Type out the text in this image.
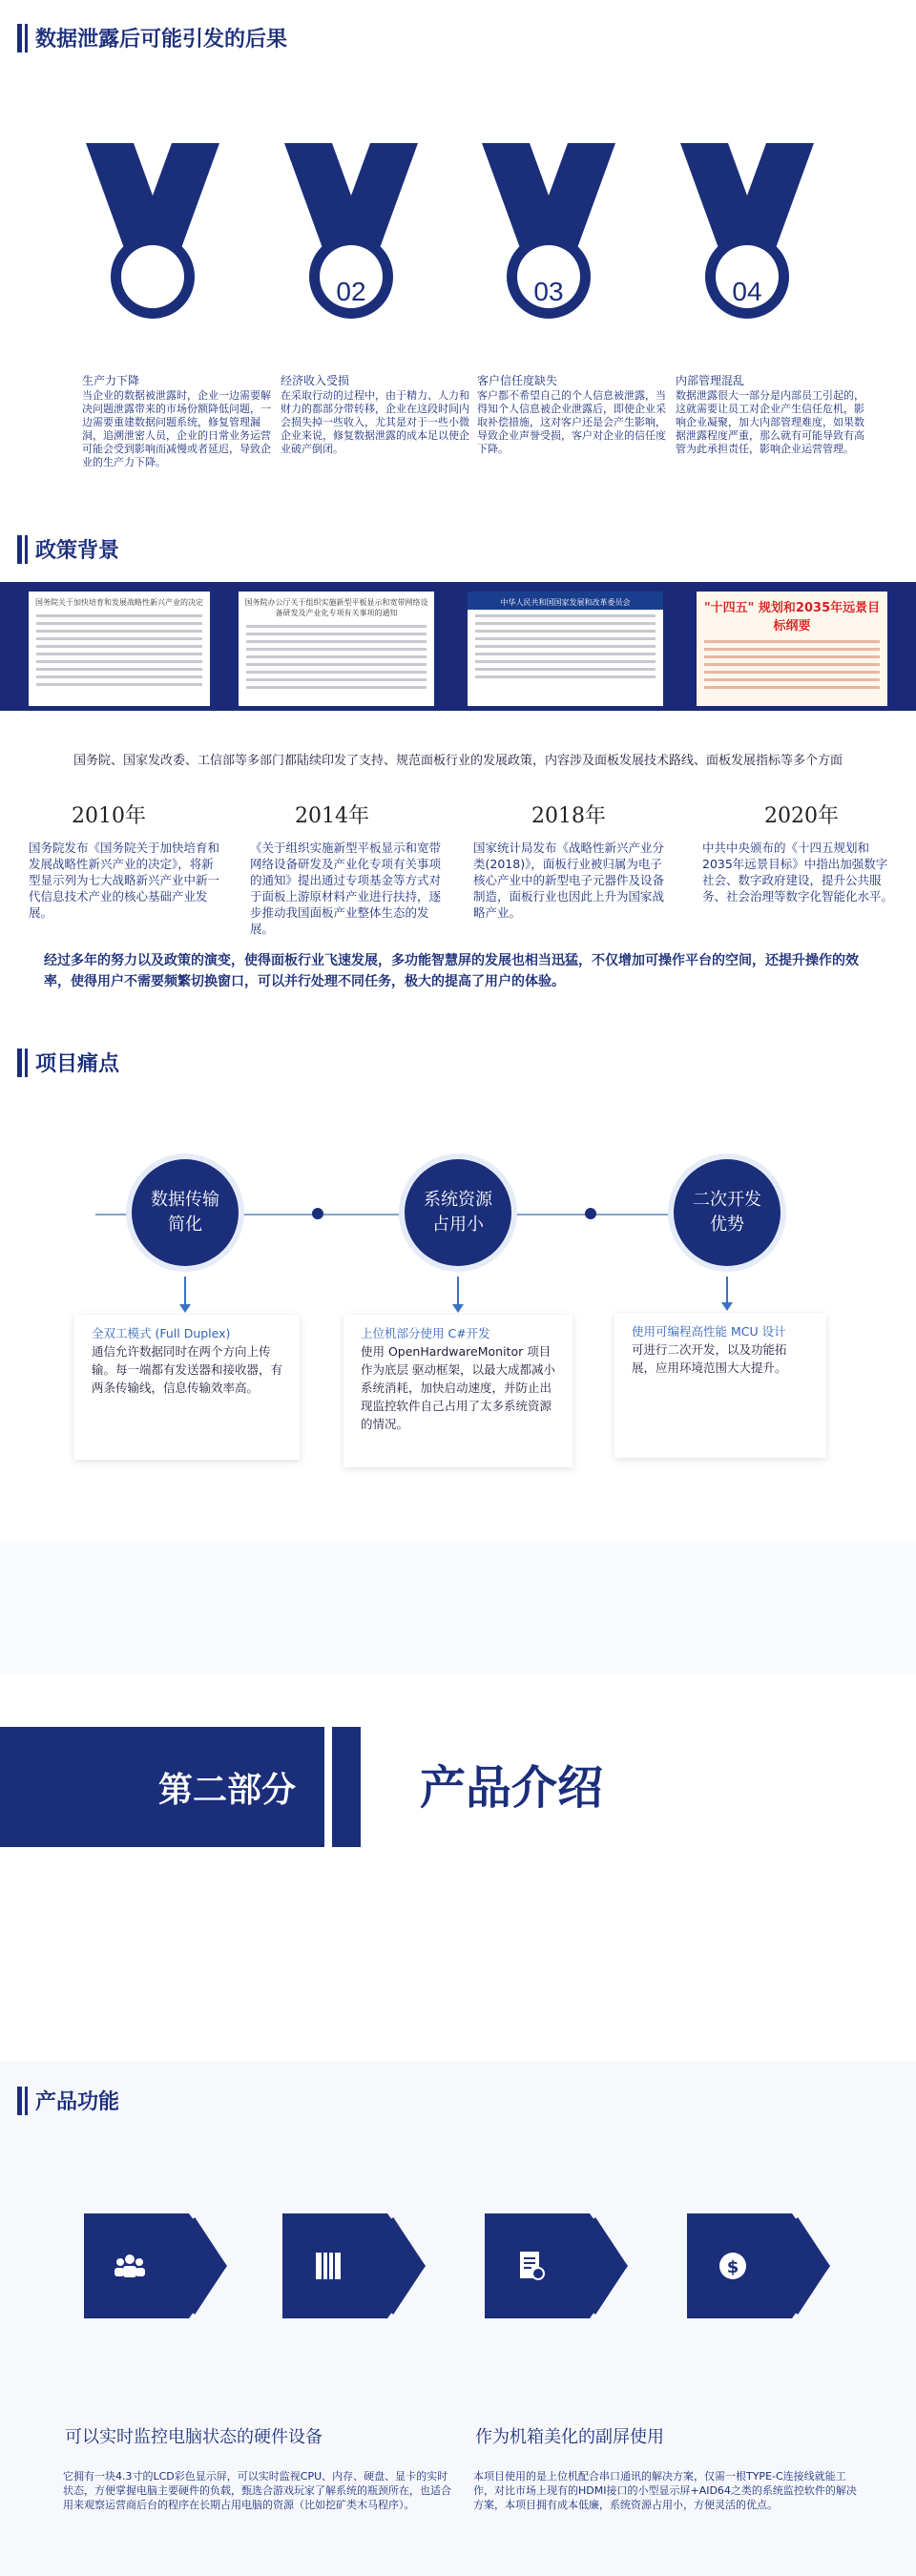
数据泄露后可能引发的后果
02	03	04
生产力下降
当企业的数据被泄露时，企业一边需要解决问题泄露带来的市场份额降低问题，一边需要重建数据问题系统，修复管理漏洞，追溯泄密人员，企业的日常业务运营可能会受到影响而减慢或者延迟，导致企业的生产力下降。
经济收入受损
在采取行动的过程中，由于精力、人力和财力的都部分带转移，企业在这段时间内会损失掉一些收入，尤其是对于一些小微企业来说，修复数据泄露的成本足以使企业破产倒闭。
客户信任度缺失
客户都不希望自己的个人信息被泄露，当得知个人信息被企业泄露后，即使企业采取补偿措施，这对客户还是会产生影响，导致企业声誉受损，客户对企业的信任度下降。
内部管理混乱
数据泄露很大一部分是内部员工引起的，这就需要让员工对企业产生信任危机，影响企业凝聚，加大内部管理难度，如果数据泄露程度严重，那么就有可能导致有高管为此承担责任，影响企业运营管理。
政策背景
国务院关于加快培育和发展战略性新兴产业的决定	国务院办公厅关于组织实施新型平板显示和宽带网络设备研发及产业化专项有关事项的通知
中华人民共和国国家发展和改革委员会	"十四五" 规划和2035年远景目标纲要
国务院、国家发改委、工信部等多部门都陆续印发了支持、规范面板行业的发展政策，内容涉及面板发展技术路线、面板发展指标等多个方面
2010年	2014年	2018年	2020年
国务院发布《国务院关于加快培育和发展战略性新兴产业的决定》，将新型显示列为七大战略新兴产业中新一代信息技术产业的核心基础产业发展。
《关于组织实施新型平板显示和宽带网络设备研发及产业化专项有关事项的通知》提出通过专项基金等方式对于面板上游原材料产业进行扶持，逐步推动我国面板产业整体生态的发展。
国家统计局发布《战略性新兴产业分类(2018)》，面板行业被归属为电子核心产业中的新型电子元器件及设备制造，面板行业也因此上升为国家战略产业。
中共中央颁布的《十四五规划和2035年远景目标》中指出加强数字社会、数字政府建设，提升公共服务、社会治理等数字化智能化水平。
经过多年的努力以及政策的演变，使得面板行业飞速发展，多功能智慧屏的发展也相当迅猛，不仅增加可操作平台的空间，还提升操作的效率，使得用户不需要频繁切换窗口，可以并行处理不同任务，极大的提高了用户的体验。
项目痛点
数据传输
简化
系统资源
占用小
二次开发
优势
全双工模式 (Full Duplex)
通信允许数据同时在两个方向上传输。每一端都有发送器和接收器，有两条传输线，信息传输效率高。
上位机部分使用 C#开发
使用 OpenHardwareMonitor 项目作为底层 驱动框架，以最大成都减小系统消耗，加快启动速度，并防止出现监控软件自己占用了太多系统资源的情况。
使用可编程高性能 MCU 设计
可进行二次开发，以及功能拓展，应用环境范围大大提升。
第二部分	产品介绍
产品功能
$
可以实时监控电脑状态的硬件设备	作为机箱美化的副屏使用
它拥有一块4.3寸的LCD彩色显示屏，可以实时监视CPU、内存、硬盘、显卡的实时状态，方便掌握电脑主要硬件的负载，甄选合游戏玩家了解系统的瓶颈所在，也适合用来观察运营商后台的程序在长期占用电脑的资源（比如挖矿类木马程序）。
本项目使用的是上位机配合串口通讯的解决方案，仅需一根TYPE-C连接线就能工作，对比市场上现有的HDMI接口的小型显示屏+AID64之类的系统监控软件的解决方案，本项目拥有成本低廉，系统资源占用小，方便灵活的优点。
